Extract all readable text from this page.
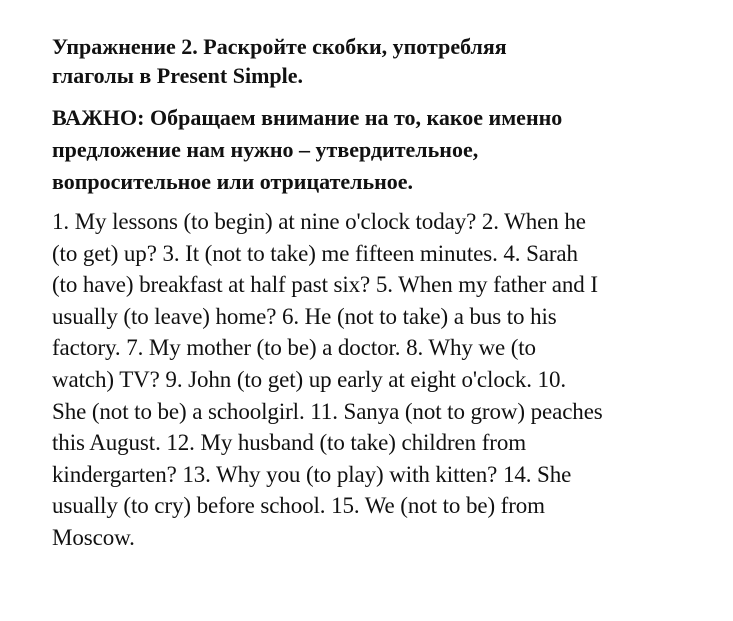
Упражнение 2. Раскройте скобки, употребляя
глаголы в Present Simple.
ВАЖНО: Обращаем внимание на то, какое именно
предложение нам нужно – утвердительное,
вопросительное или отрицательное.
1. My lessons (to begin) at nine o'clock today? 2. When he
(to get) up? 3. It (not to take) me fifteen minutes. 4. Sarah
(to have) breakfast at half past six? 5. When my father and I
usually (to leave) home? 6. He (not to take) a bus to his
factory. 7. My mother (to be) a doctor. 8. Why we (to
watch) TV? 9. John (to get) up early at eight o'clock. 10.
She (not to be) a schoolgirl. 11. Sanya (not to grow) peaches
this August. 12. My husband (to take) children from
kindergarten? 13. Why you (to play) with kitten? 14. She
usually (to cry) before school. 15. We (not to be) from
Moscow.
